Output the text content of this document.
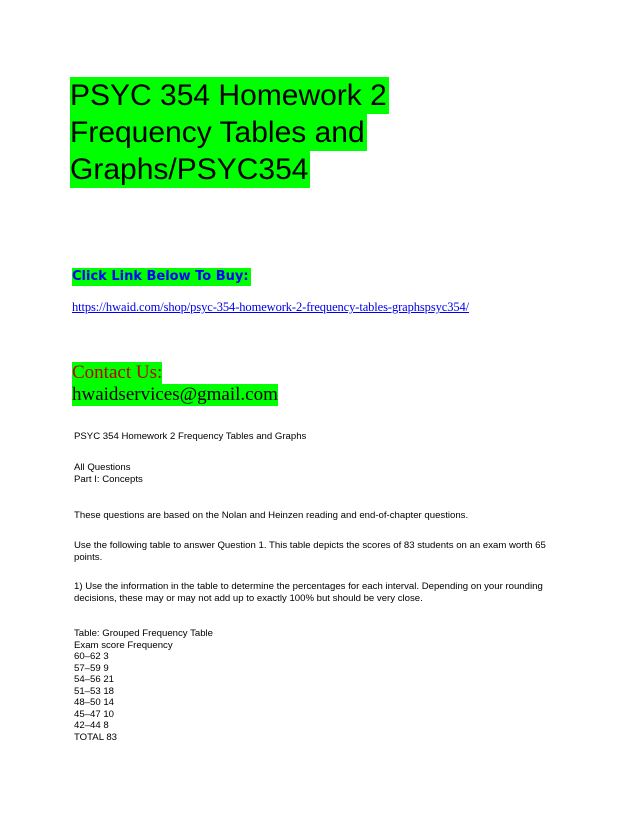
PSYC 354 Homework 2
Frequency Tables and
Graphs/PSYC354
Click Link Below To Buy:
https://hwaid.com/shop/psyc-354-homework-2-frequency-tables-graphspsyc354/
Contact Us:
hwaidservices@gmail.com
PSYC 354 Homework 2 Frequency Tables and Graphs
All Questions
Part I: Concepts
These questions are based on the Nolan and Heinzen reading and end-of-chapter questions.
Use the following table to answer Question 1. This table depicts the scores of 83 students on an exam worth 65
points.
1) Use the information in the table to determine the percentages for each interval. Depending on your rounding
decisions, these may or may not add up to exactly 100% but should be very close.
Table: Grouped Frequency Table
Exam score Frequency
60–62 3
57–59 9
54–56 21
51–53 18
48–50 14
45–47 10
42–44 8
TOTAL 83
